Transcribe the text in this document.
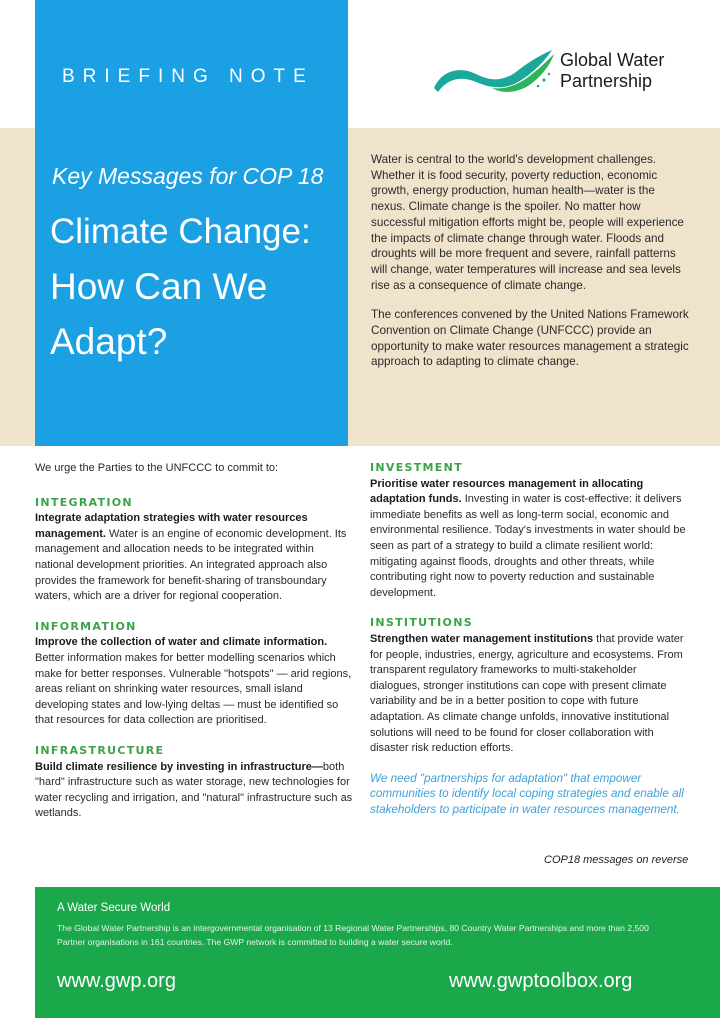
BRIEFING NOTE
Global Water
Partnership
Key Messages for COP 18
Climate Change:
How Can We
Adapt?

Water is central to the world's development challenges. Whether it is food security, poverty reduction, economic growth, energy production, human health—water is the nexus. Climate change is the spoiler. No matter how successful mitigation efforts might be, people will experience the impacts of climate change through water. Floods and droughts will be more frequent and severe, rainfall patterns will change, water temperatures will increase and sea levels rise as a consequence of climate change.

The conferences convened by the United Nations Framework Convention on Climate Change (UNFCCC) provide an opportunity to make water resources management a strategic approach to adapting to climate change.

We urge the Parties to the UNFCCC to commit to:

INTEGRATION

Integrate adaptation strategies with water resources management. Water is an engine of economic development. Its management and allocation needs to be integrated within national development priorities. An integrated approach also provides the framework for benefit-sharing of transboundary waters, which are a driver for regional cooperation.

INFORMATION

Improve the collection of water and climate information. Better information makes for better modelling scenarios which make for better responses. Vulnerable "hotspots" — arid regions, areas reliant on shrinking water resources, small island developing states and low-lying deltas — must be identified so that resources for data collection are prioritised.

INFRASTRUCTURE

Build climate resilience by investing in infrastructure—both "hard" infrastructure such as water storage, new technologies for water recycling and irrigation, and "natural" infrastructure such as wetlands.

INVESTMENT

Prioritise water resources management in allocating adaptation funds. Investing in water is cost-effective: it delivers immediate benefits as well as long-term social, economic and environmental resilience. Today's investments in water should be seen as part of a strategy to build a climate resilient world: mitigating against floods, droughts and other threats, while contributing right now to poverty reduction and sustainable development.

INSTITUTIONS

Strengthen water management institutions that provide water for people, industries, energy, agriculture and ecosystems. From transparent regulatory frameworks to multi-stakeholder dialogues, stronger institutions can cope with present climate variability and be in a better position to cope with future adaptation. As climate change unfolds, innovative institutional solutions will need to be found for closer collaboration with disaster risk reduction efforts.

We need "partnerships for adaptation" that empower communities to identify local coping strategies and enable all stakeholders to participate in water resources management.

COP18 messages on reverse
A Water Secure World
The Global Water Partnership is an intergovernmental organisation of 13 Regional Water Partnerships, 80 Country Water Partnerships and more than 2,500 Partner organisations in 161 countries. The GWP network is committed to building a water secure world.
www.gwp.org	www.gwptoolbox.org
